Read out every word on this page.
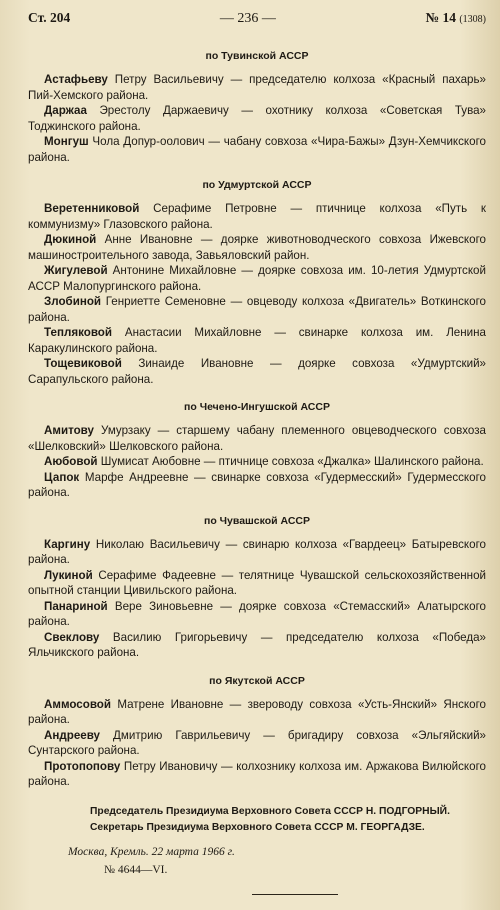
Ст. 204	— 236 —	№ 14 (1308)
по Тувинской АССР

Астафьеву Петру Васильевичу — председателю колхоза «Красный пахарь» Пий-Хемского района.

Даржаа Эрестолу Даржаевичу — охотнику колхоза «Советская Тува» Тоджинского района.

Монгуш Чола Допур-оолович — чабану совхоза «Чира-Бажы» Дзун-Хемчикского района.

по Удмуртской АССР

Веретенниковой Серафиме Петровне — птичнице колхоза «Путь к коммунизму» Глазовского района.

Дюкиной Анне Ивановне — доярке животноводческого совхоза Ижевского машиностроительного завода, Завьяловский район.

Жигулевой Антонине Михайловне — доярке совхоза им. 10-летия Удмуртской АССР Малопургинского района.

Злобиной Генриетте Семеновне — овцеводу колхоза «Двигатель» Воткинского района.

Тепляковой Анастасии Михайловне — свинарке колхоза им. Ленина Каракулинского района.

Тощевиковой Зинаиде Ивановне — доярке совхоза «Удмуртский» Сарапульского района.

по Чечено-Ингушской АССР

Амитову Умурзаку — старшему чабану племенного овцеводческого совхоза «Шелковский» Шелковского района.

Аюбовой Шумисат Аюбовне — птичнице совхоза «Джалка» Шалинского района.

Цапок Марфе Андреевне — свинарке совхоза «Гудермесский» Гудермесского района.

по Чувашской АССР

Каргину Николаю Васильевичу — свинарю колхоза «Гвардеец» Батыревского района.

Лукиной Серафиме Фадеевне — телятнице Чувашской сельскохозяйственной опытной станции Цивильского района.

Панариной Вере Зиновьевне — доярке совхоза «Стемасский» Алатырского района.

Свеклову Василию Григорьевичу — председателю колхоза «Победа» Яльчикского района.

по Якутской АССР

Аммосовой Матрене Ивановне — звероводу совхоза «Усть-Янский» Янского района.

Андрееву Дмитрию Гаврильевичу — бригадиру совхоза «Эльгяйский» Сунтарского района.

Протопопову Петру Ивановичу — колхознику колхоза им. Аржакова Вилюйского района.

Председатель Президиума Верховного Совета СССР Н. ПОДГОРНЫЙ.

Секретарь Президиума Верховного Совета СССР М. ГЕОРГАДЗЕ.

Москва, Кремль. 22 марта 1966 г.

№ 4644—VI.
